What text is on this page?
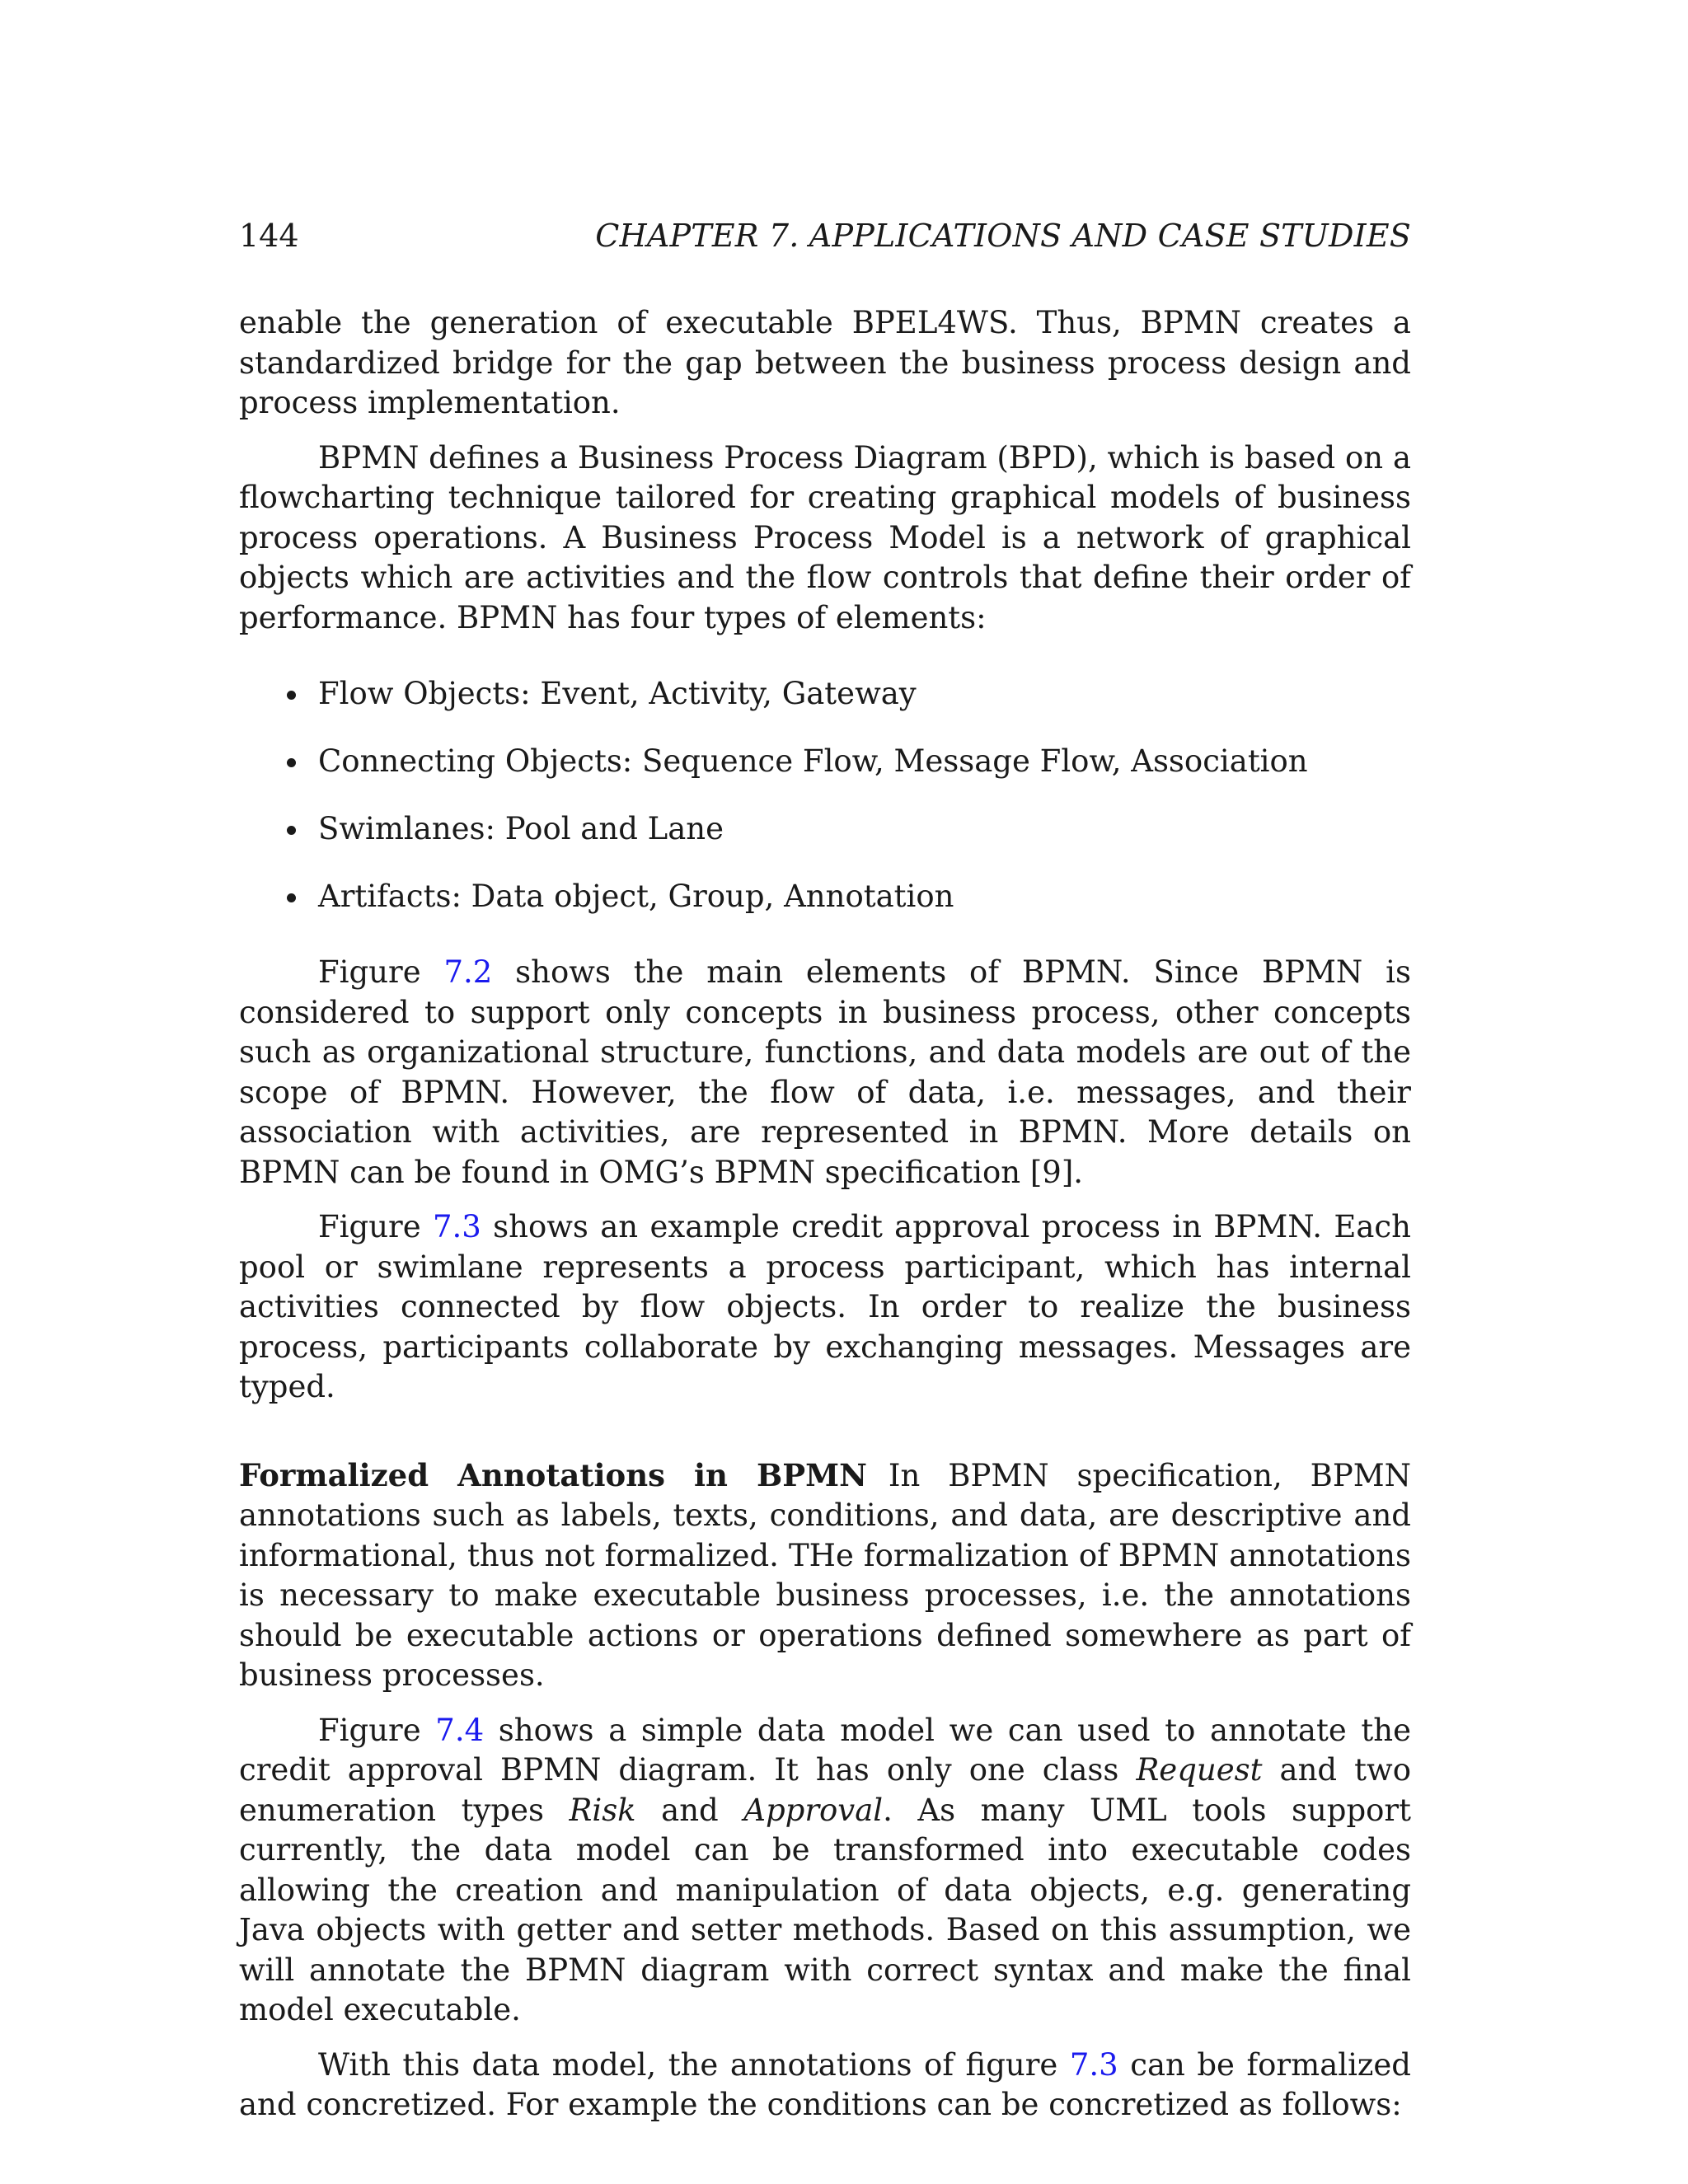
144	CHAPTER 7. APPLICATIONS AND CASE STUDIES

enable the generation of executable BPEL4WS. Thus, BPMN creates a standardized bridge for the gap between the business process design and process implementation.

BPMN defines a Business Process Diagram (BPD), which is based on a flowcharting technique tailored for creating graphical models of business process operations. A Business Process Model is a network of graphical objects which are activities and the flow controls that define their order of performance. BPMN has four types of elements:

Flow Objects: Event, Activity, Gateway
Connecting Objects: Sequence Flow, Message Flow, Association
Swimlanes: Pool and Lane
Artifacts: Data object, Group, Annotation

Figure 7.2 shows the main elements of BPMN. Since BPMN is considered to support only concepts in business process, other concepts such as organizational structure, functions, and data models are out of the scope of BPMN. However, the flow of data, i.e. messages, and their association with activities, are represented in BPMN. More details on BPMN can be found in OMG’s BPMN specification [9].

Figure 7.3 shows an example credit approval process in BPMN. Each pool or swimlane represents a process participant, which has internal activities connected by flow objects. In order to realize the business process, participants collaborate by exchanging messages. Messages are typed.

Formalized Annotations in BPMN In BPMN specification, BPMN annotations such as labels, texts, conditions, and data, are descriptive and informational, thus not formalized. THe formalization of BPMN annotations is necessary to make executable business processes, i.e. the annotations should be executable actions or operations defined somewhere as part of business processes.

Figure 7.4 shows a simple data model we can used to annotate the credit approval BPMN diagram. It has only one class Request and two enumeration types Risk and Approval. As many UML tools support currently, the data model can be transformed into executable codes allowing the creation and manipulation of data objects, e.g. generating Java objects with getter and setter methods. Based on this assumption, we will annotate the BPMN diagram with correct syntax and make the final model executable.

With this data model, the annotations of figure 7.3 can be formalized and concretized. For example the conditions can be concretized as follows:
